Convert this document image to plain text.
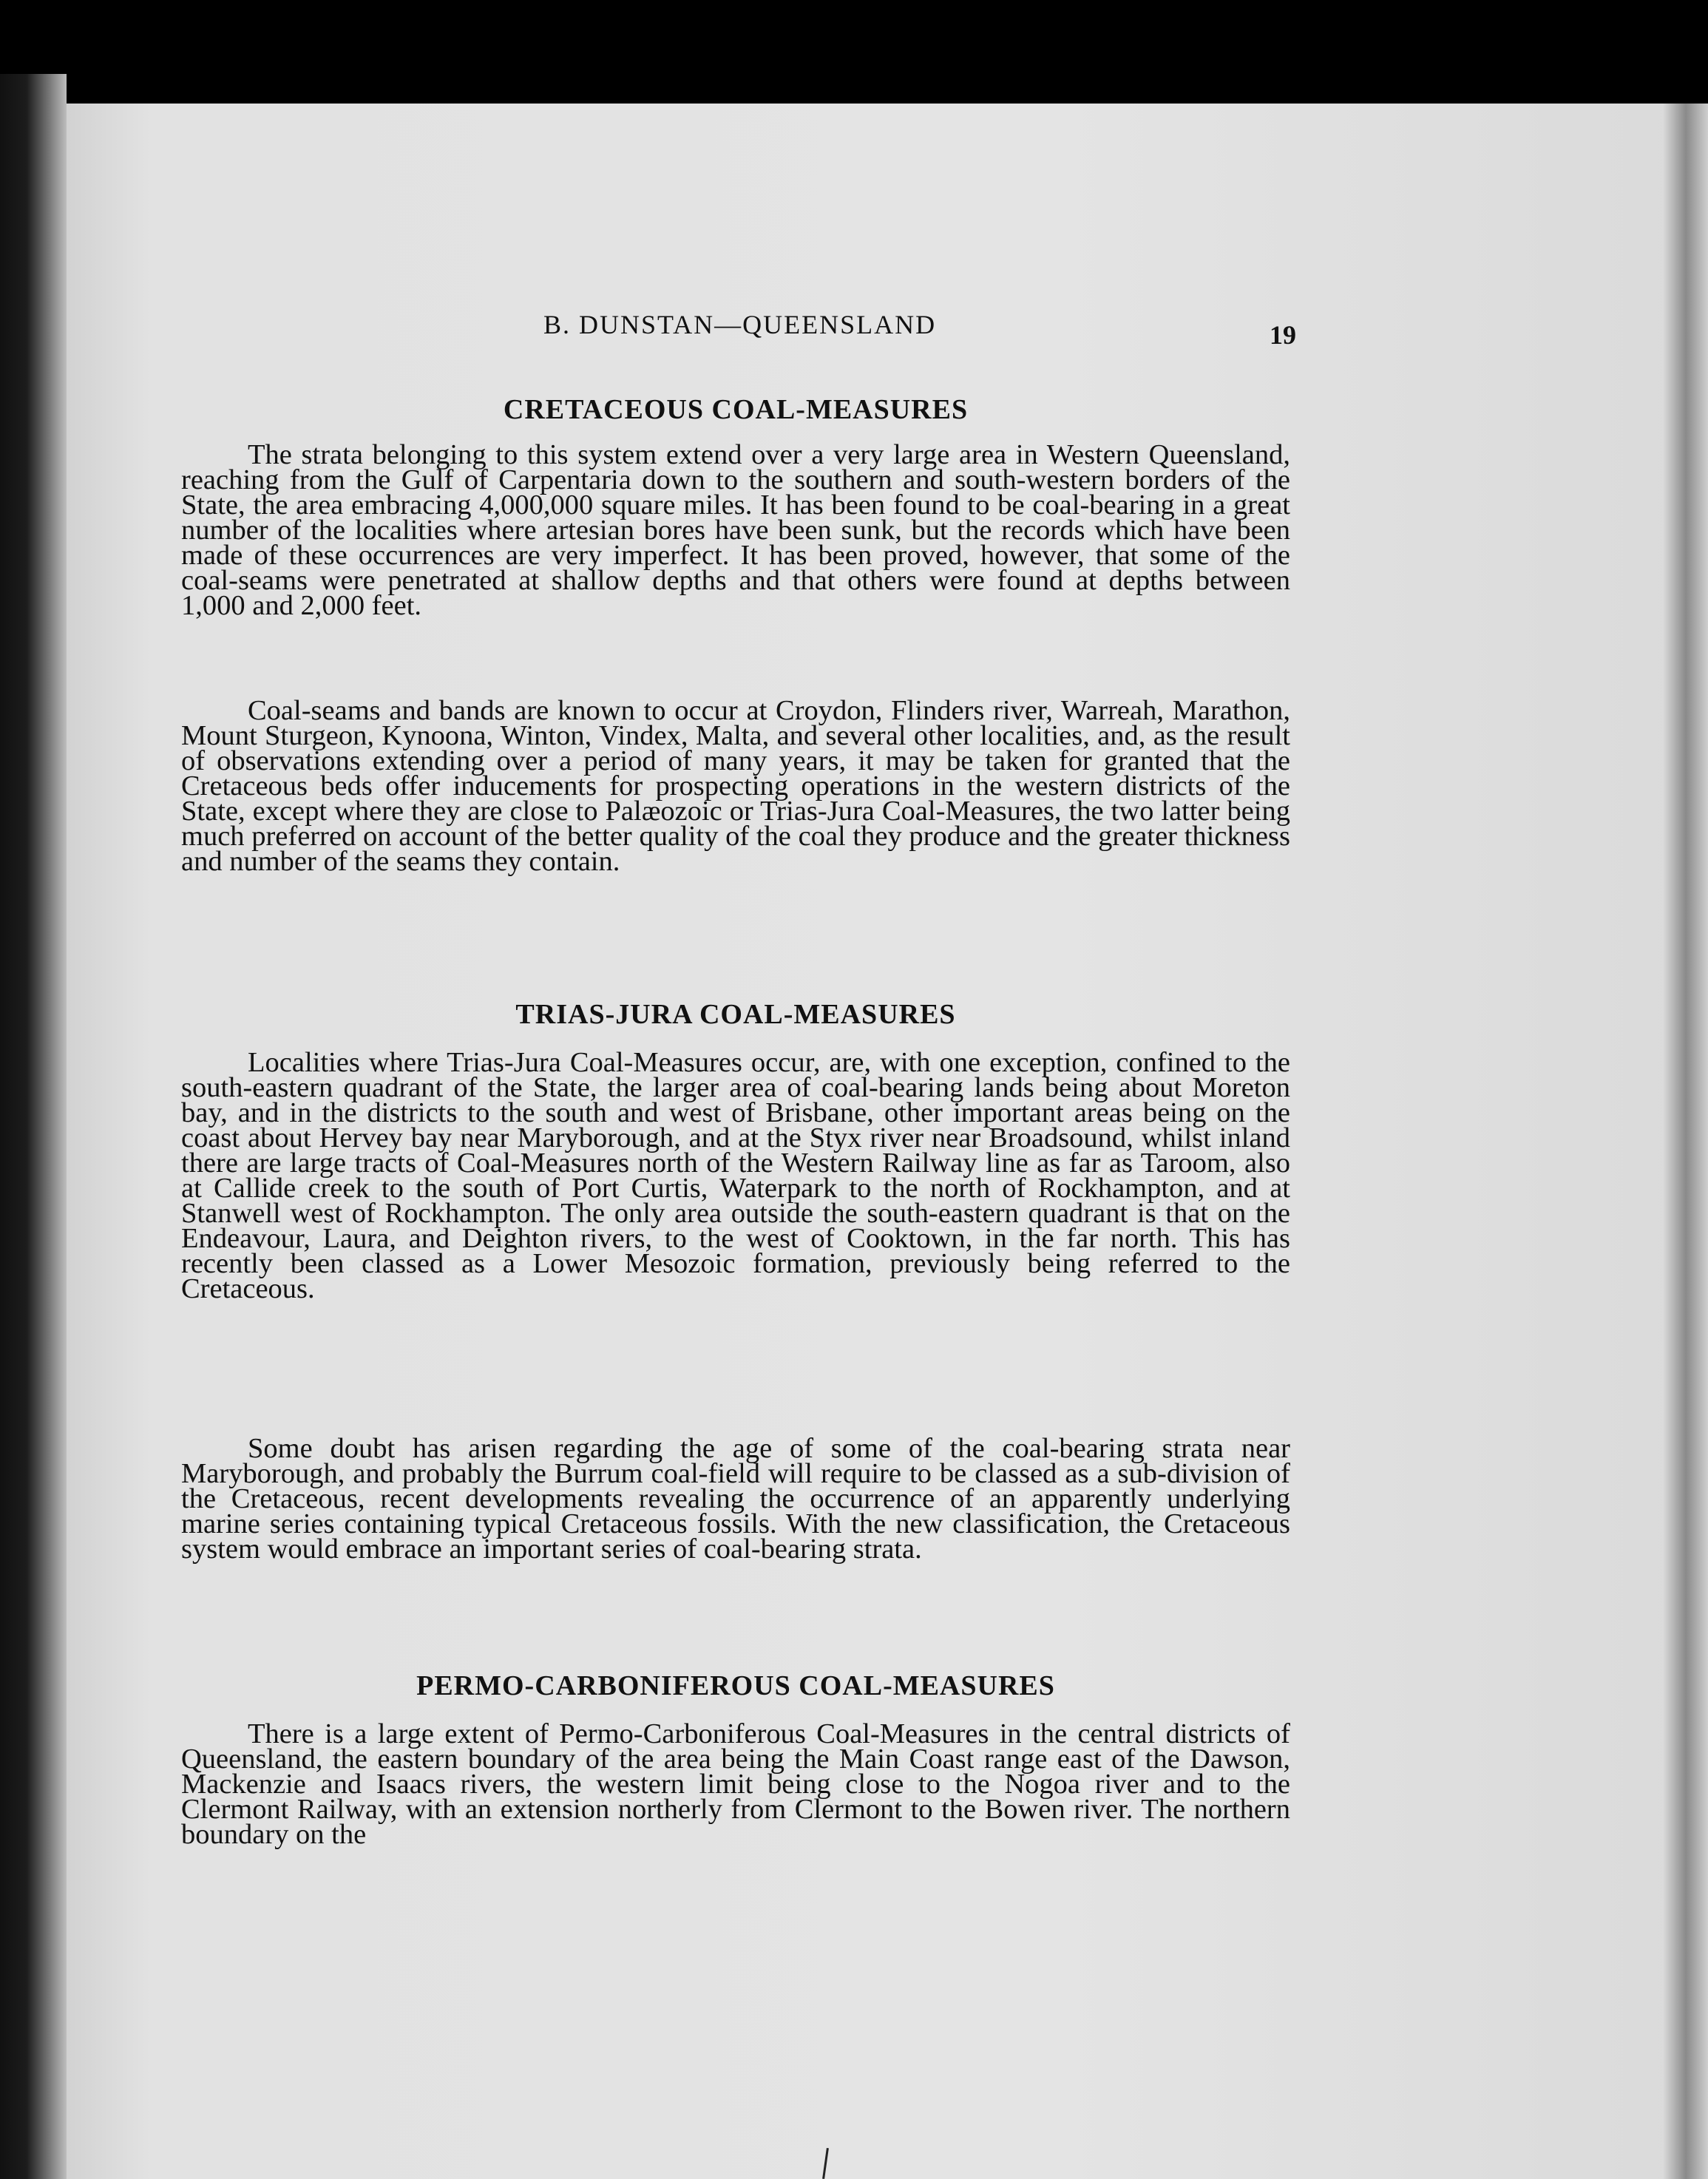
B. DUNSTAN—QUEENSLAND	19
CRETACEOUS COAL-MEASURES

The strata belonging to this system extend over a very large area in Western Queensland, reaching from the Gulf of Carpentaria down to the southern and south-western borders of the State, the area embracing 4,000,000 square miles. It has been found to be coal-bearing in a great number of the localities where artesian bores have been sunk, but the records which have been made of these occurrences are very imperfect. It has been proved, however, that some of the coal-seams were penetrated at shallow depths and that others were found at depths between 1,000 and 2,000 feet.

Coal-seams and bands are known to occur at Croydon, Flinders river, Warreah, Marathon, Mount Sturgeon, Kynoona, Winton, Vindex, Malta, and several other localities, and, as the result of observations extending over a period of many years, it may be taken for granted that the Cretaceous beds offer inducements for prospecting operations in the western districts of the State, except where they are close to Palæozoic or Trias-Jura Coal-Measures, the two latter being much preferred on account of the better quality of the coal they produce and the greater thickness and number of the seams they contain.

TRIAS-JURA COAL-MEASURES

Localities where Trias-Jura Coal-Measures occur, are, with one exception, confined to the south-eastern quadrant of the State, the larger area of coal-bearing lands being about Moreton bay, and in the districts to the south and west of Brisbane, other important areas being on the coast about Hervey bay near Maryborough, and at the Styx river near Broadsound, whilst inland there are large tracts of Coal-Measures north of the Western Railway line as far as Taroom, also at Callide creek to the south of Port Curtis, Waterpark to the north of Rockhampton, and at Stanwell west of Rockhampton. The only area outside the south-eastern quadrant is that on the Endeavour, Laura, and Deighton rivers, to the west of Cooktown, in the far north. This has recently been classed as a Lower Mesozoic formation, previously being referred to the Cretaceous.

Some doubt has arisen regarding the age of some of the coal-bearing strata near Maryborough, and probably the Burrum coal-field will require to be classed as a sub-division of the Cretaceous, recent developments revealing the occurrence of an apparently underlying marine series containing typical Cretaceous fossils. With the new classification, the Cretaceous system would embrace an important series of coal-bearing strata.

PERMO-CARBONIFEROUS COAL-MEASURES

There is a large extent of Permo-Carboniferous Coal-Measures in the central districts of Queensland, the eastern boundary of the area being the Main Coast range east of the Dawson, Mackenzie and Isaacs rivers, the western limit being close to the Nogoa river and to the Clermont Railway, with an extension northerly from Clermont to the Bowen river. The northern boundary on the
